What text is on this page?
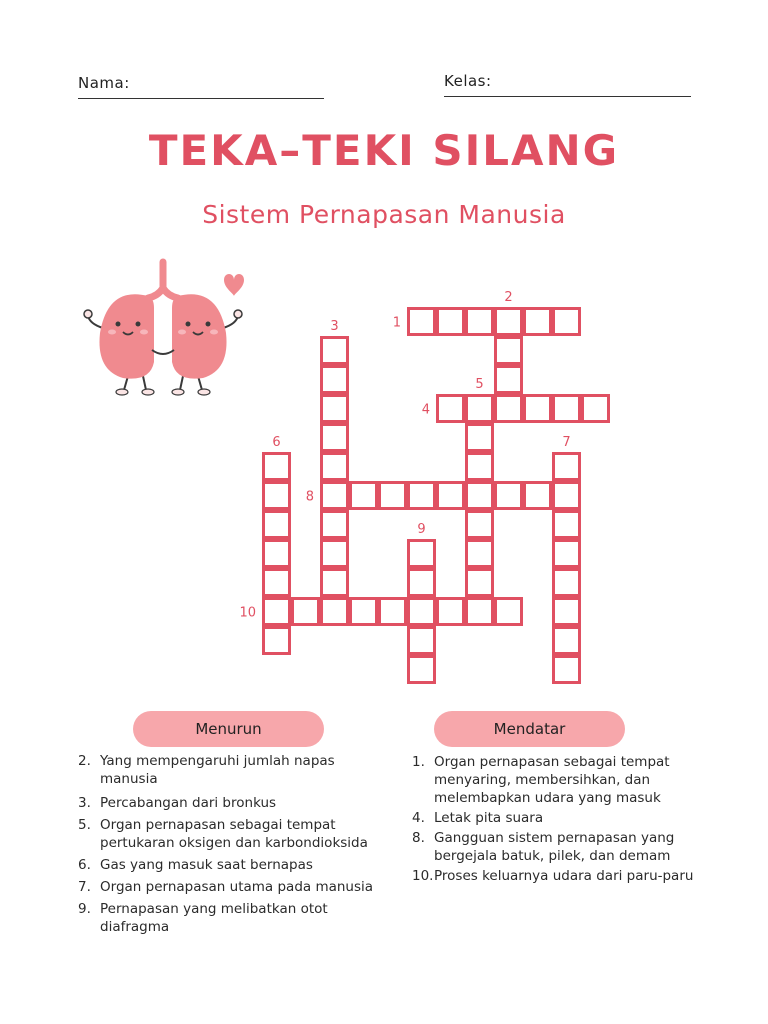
Nama:	Kelas:
TEKA–TEKI SILANG
Sistem Pernapasan Manusia
1
2
3
4
5
6	7
8
9
10
Menurun	Mendatar
2. Yang mempengaruhi jumlah napas manusia
3. Percabangan dari bronkus
5. Organ pernapasan sebagai tempat pertukaran oksigen dan karbondioksida
6. Gas yang masuk saat bernapas
7. Organ pernapasan utama pada manusia
9. Pernapasan yang melibatkan otot diafragma
1. Organ pernapasan sebagai tempat menyaring, membersihkan, dan melembapkan udara yang masuk
4. Letak pita suara
8. Gangguan sistem pernapasan yang bergejala batuk, pilek, dan demam
10. Proses keluarnya udara dari paru-paru
